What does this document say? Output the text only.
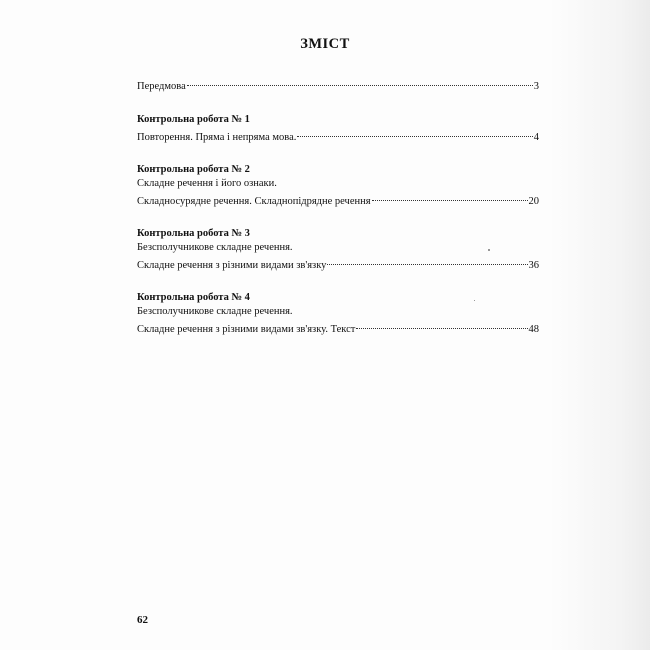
ЗМІСТ
Передмова	3
Контрольна робота № 1
Повторення. Пряма і непряма мова.	4
Контрольна робота № 2
Складне речення і його ознаки.
Складносурядне речення. Складнопідрядне речення	20
Контрольна робота № 3
Безсполучникове складне речення.
Складне речення з різними видами зв'язку	36
Контрольна робота № 4
Безсполучникове складне речення.
Складне речення з різними видами зв'язку. Текст	48
62
